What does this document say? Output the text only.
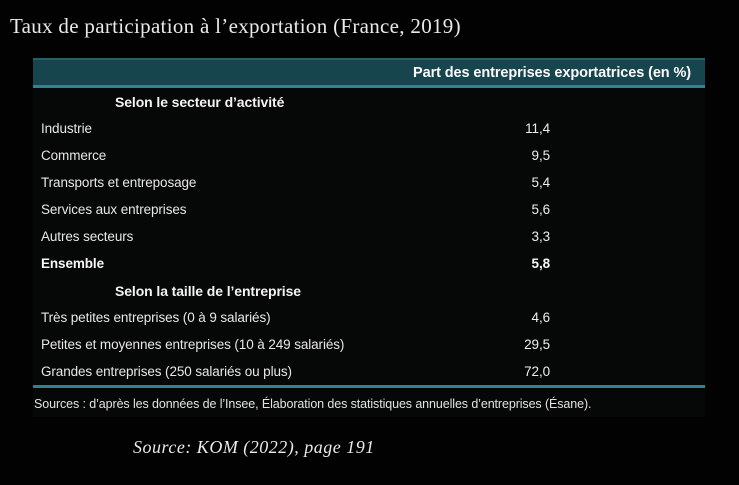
Taux de participation à l’exportation (France, 2019)
Part des entreprises exportatrices (en %)
Selon le secteur d’activité
Industrie	11,4
Commerce	9,5
Transports et entreposage	5,4
Services aux entreprises	5,6
Autres secteurs	3,3
Ensemble	5,8
Selon la taille de l’entreprise
Très petites entreprises (0 à 9 salariés)	4,6
Petites et moyennes entreprises (10 à 249 salariés)	29,5
Grandes entreprises (250 salariés ou plus)	72,0
Sources : d’après les données de l’Insee, Élaboration des statistiques annuelles d’entreprises (Ésane).
Source: KOM (2022), page 191
